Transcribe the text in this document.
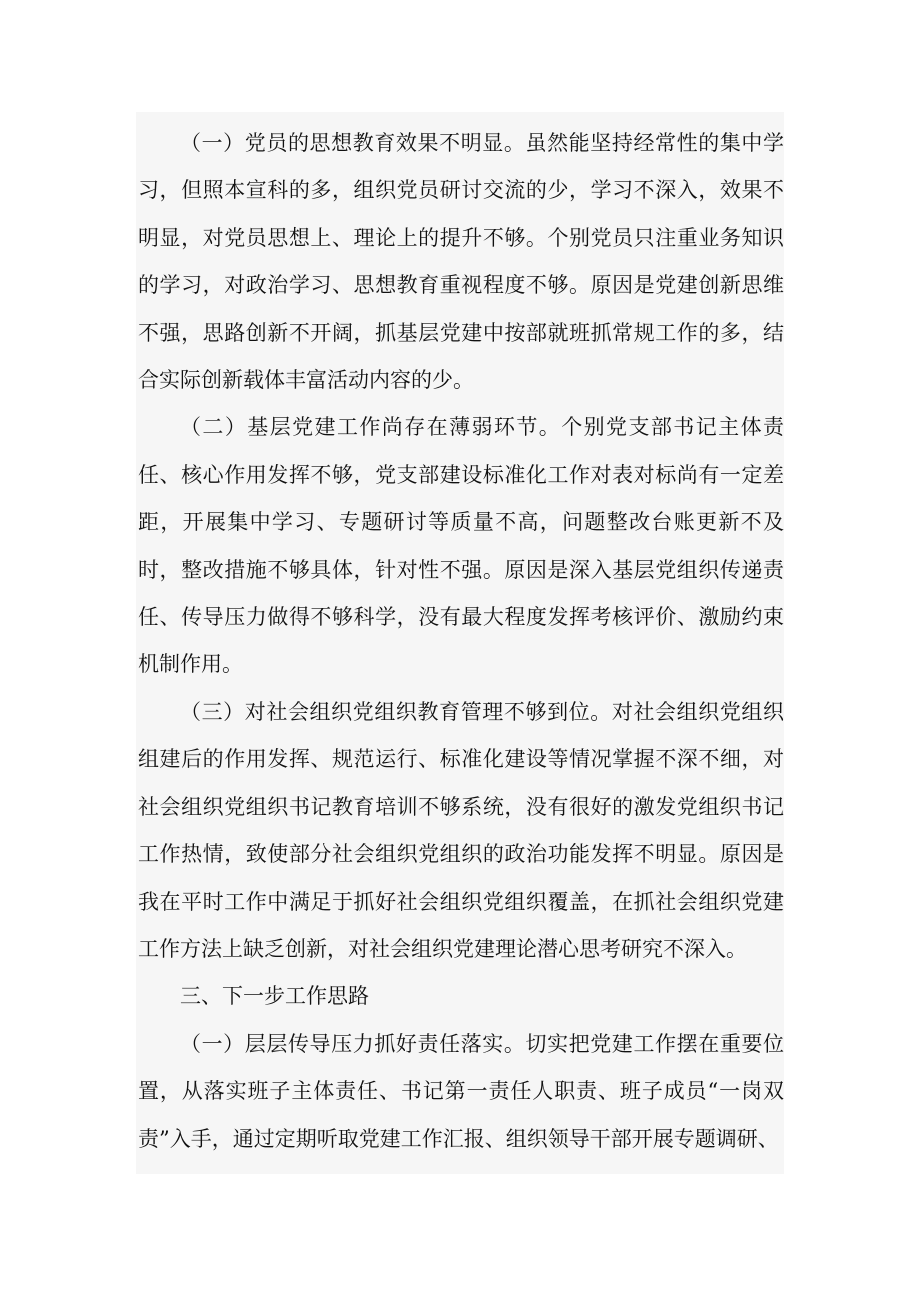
（一）党员的思想教育效果不明显。虽然能坚持经常性的集中学习，但照本宣科的多，组织党员研讨交流的少，学习不深入，效果不明显，对党员思想上、理论上的提升不够。个别党员只注重业务知识的学习，对政治学习、思想教育重视程度不够。原因是党建创新思维不强，思路创新不开阔，抓基层党建中按部就班抓常规工作的多，结合实际创新载体丰富活动内容的少。

（二）基层党建工作尚存在薄弱环节。个别党支部书记主体责任、核心作用发挥不够，党支部建设标准化工作对表对标尚有一定差距，开展集中学习、专题研讨等质量不高，问题整改台账更新不及时，整改措施不够具体，针对性不强。原因是深入基层党组织传递责任、传导压力做得不够科学，没有最大程度发挥考核评价、激励约束机制作用。

（三）对社会组织党组织教育管理不够到位。对社会组织党组织组建后的作用发挥、规范运行、标准化建设等情况掌握不深不细，对社会组织党组织书记教育培训不够系统，没有很好的激发党组织书记工作热情，致使部分社会组织党组织的政治功能发挥不明显。原因是我在平时工作中满足于抓好社会组织党组织覆盖，在抓社会组织党建工作方法上缺乏创新，对社会组织党建理论潜心思考研究不深入。

三、下一步工作思路

（一）层层传导压力抓好责任落实。切实把党建工作摆在重要位置，从落实班子主体责任、书记第一责任人职责、班子成员“一岗双责”入手，通过定期听取党建工作汇报、组织领导干部开展专题调研、
